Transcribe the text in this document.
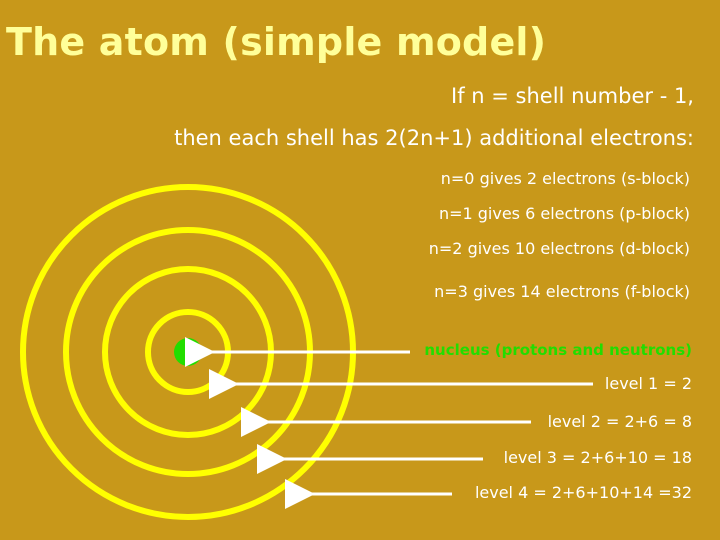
The atom (simple model)
If n = shell number - 1,
then each shell has 2(2n+1) additional electrons:
n=0 gives 2 electrons (s-block)
n=1 gives 6 electrons (p-block)
n=2 gives 10 electrons (d-block)
n=3 gives 14 electrons (f-block)
nucleus (protons and neutrons)
level 1 = 2
level 2 = 2+6 = 8
level 3 = 2+6+10 = 18
level 4 = 2+6+10+14 =32
